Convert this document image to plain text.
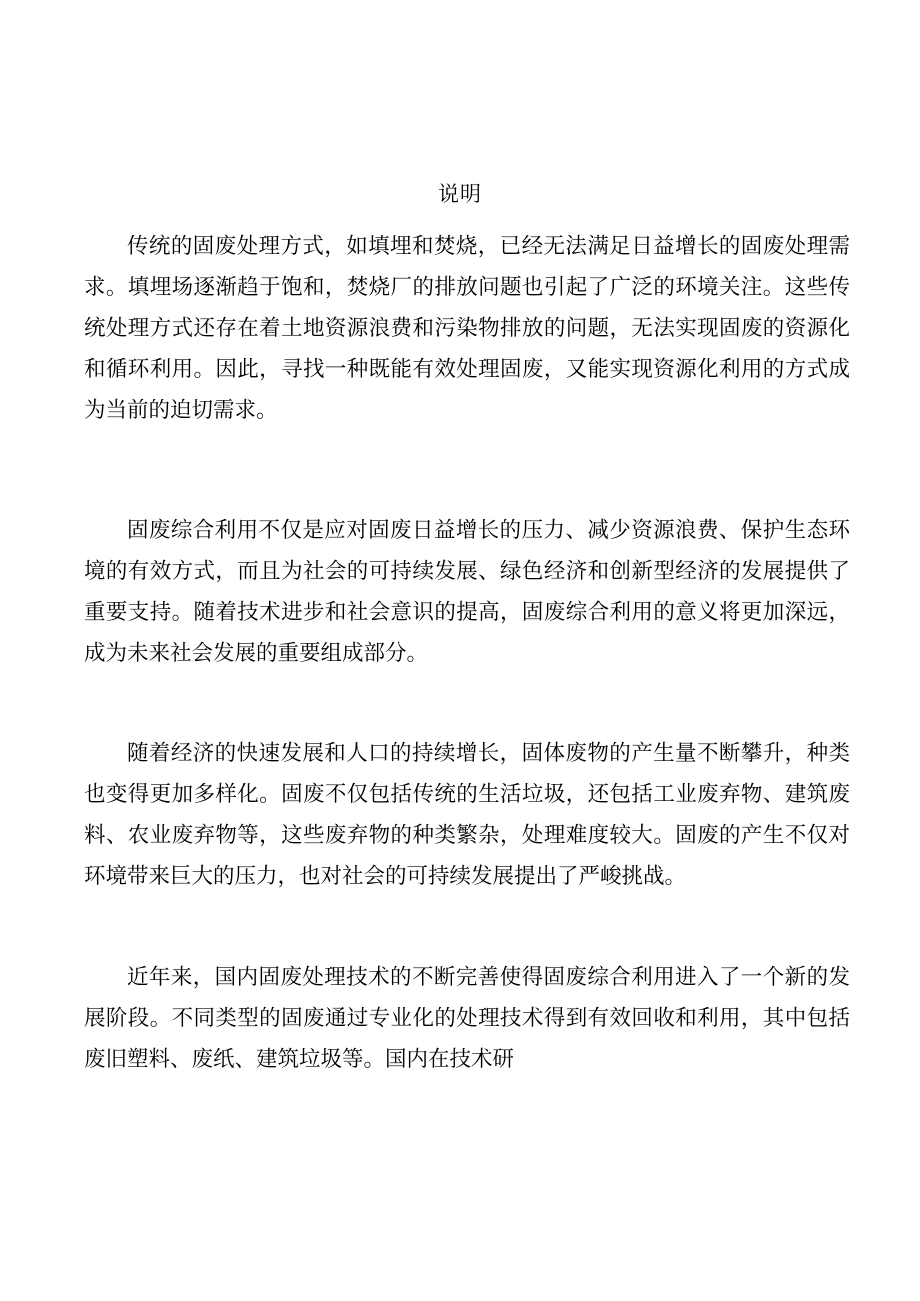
说明

传统的固废处理方式，如填埋和焚烧，已经无法满足日益增长的固废处理需求。填埋场逐渐趋于饱和，焚烧厂的排放问题也引起了广泛的环境关注。这些传统处理方式还存在着土地资源浪费和污染物排放的问题，无法实现固废的资源化和循环利用。因此，寻找一种既能有效处理固废，又能实现资源化利用的方式成为当前的迫切需求。

固废综合利用不仅是应对固废日益增长的压力、减少资源浪费、保护生态环境的有效方式，而且为社会的可持续发展、绿色经济和创新型经济的发展提供了重要支持。随着技术进步和社会意识的提高，固废综合利用的意义将更加深远，成为未来社会发展的重要组成部分。

随着经济的快速发展和人口的持续增长，固体废物的产生量不断攀升，种类也变得更加多样化。固废不仅包括传统的生活垃圾，还包括工业废弃物、建筑废料、农业废弃物等，这些废弃物的种类繁杂，处理难度较大。固废的产生不仅对环境带来巨大的压力，也对社会的可持续发展提出了严峻挑战。

近年来，国内固废处理技术的不断完善使得固废综合利用进入了一个新的发展阶段。不同类型的固废通过专业化的处理技术得到有效回收和利用，其中包括废旧塑料、废纸、建筑垃圾等。国内在技术研
